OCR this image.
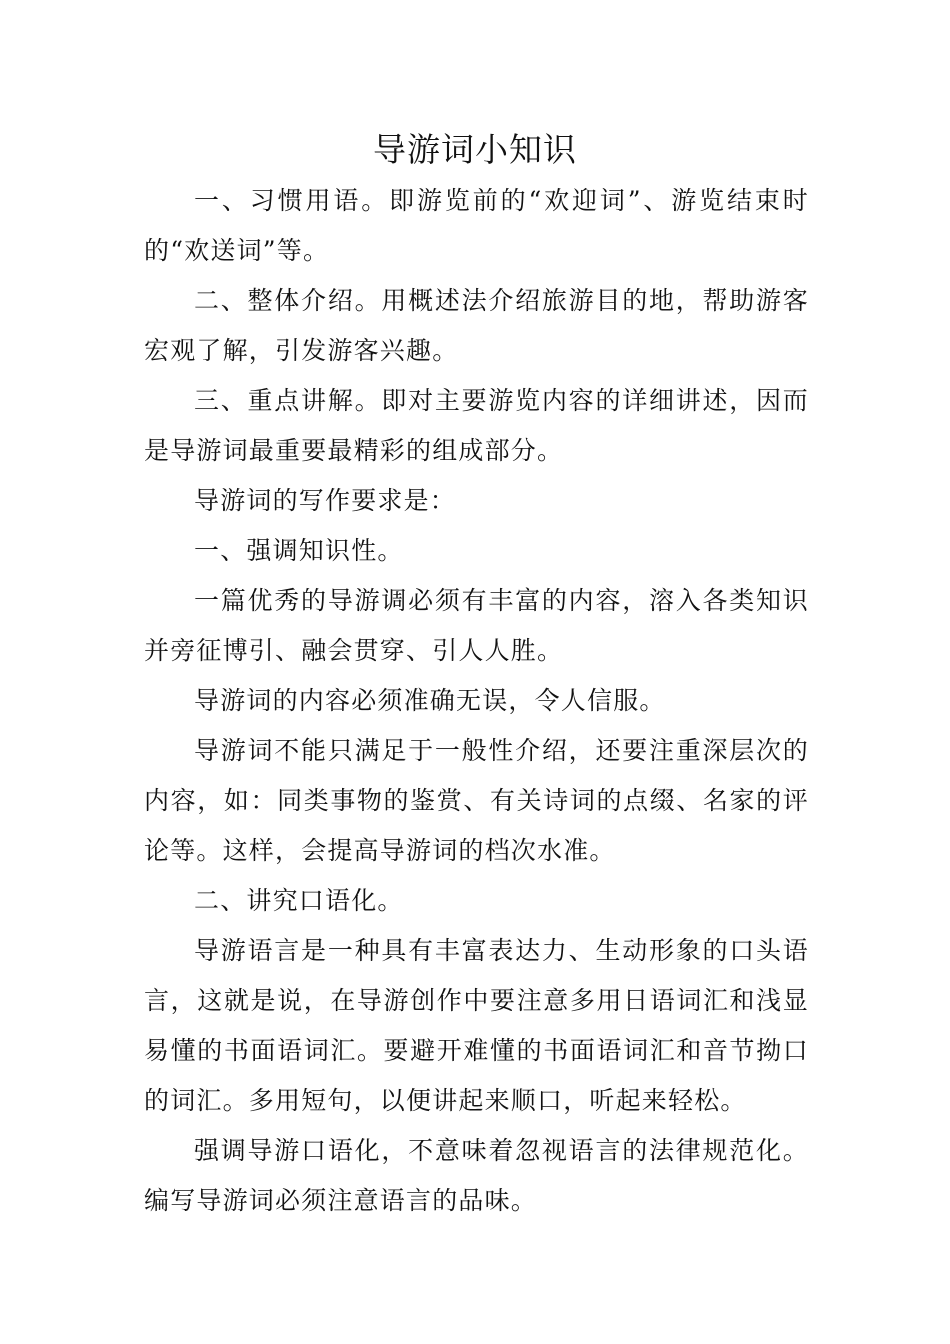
导游词小知识

一、习惯用语。即游览前的“欢迎词”、游览结束时的“欢送词”等。

二、整体介绍。用概述法介绍旅游目的地，帮助游客宏观了解，引发游客兴趣。

三、重点讲解。即对主要游览内容的详细讲述，因而是导游词最重要最精彩的组成部分。

导游词的写作要求是：

一、强调知识性。

一篇优秀的导游调必须有丰富的内容，溶入各类知识并旁征博引、融会贯穿、引人人胜。

导游词的内容必须准确无误，令人信服。

导游词不能只满足于一般性介绍，还要注重深层次的内容，如：同类事物的鉴赏、有关诗词的点缀、名家的评论等。这样，会提高导游词的档次水准。

二、讲究口语化。

导游语言是一种具有丰富表达力、生动形象的口头语言，这就是说，在导游创作中要注意多用日语词汇和浅显易懂的书面语词汇。要避开难懂的书面语词汇和音节拗口的词汇。多用短句，以便讲起来顺口，听起来轻松。

强调导游口语化，不意味着忽视语言的法律规范化。编写导游词必须注意语言的品味。
